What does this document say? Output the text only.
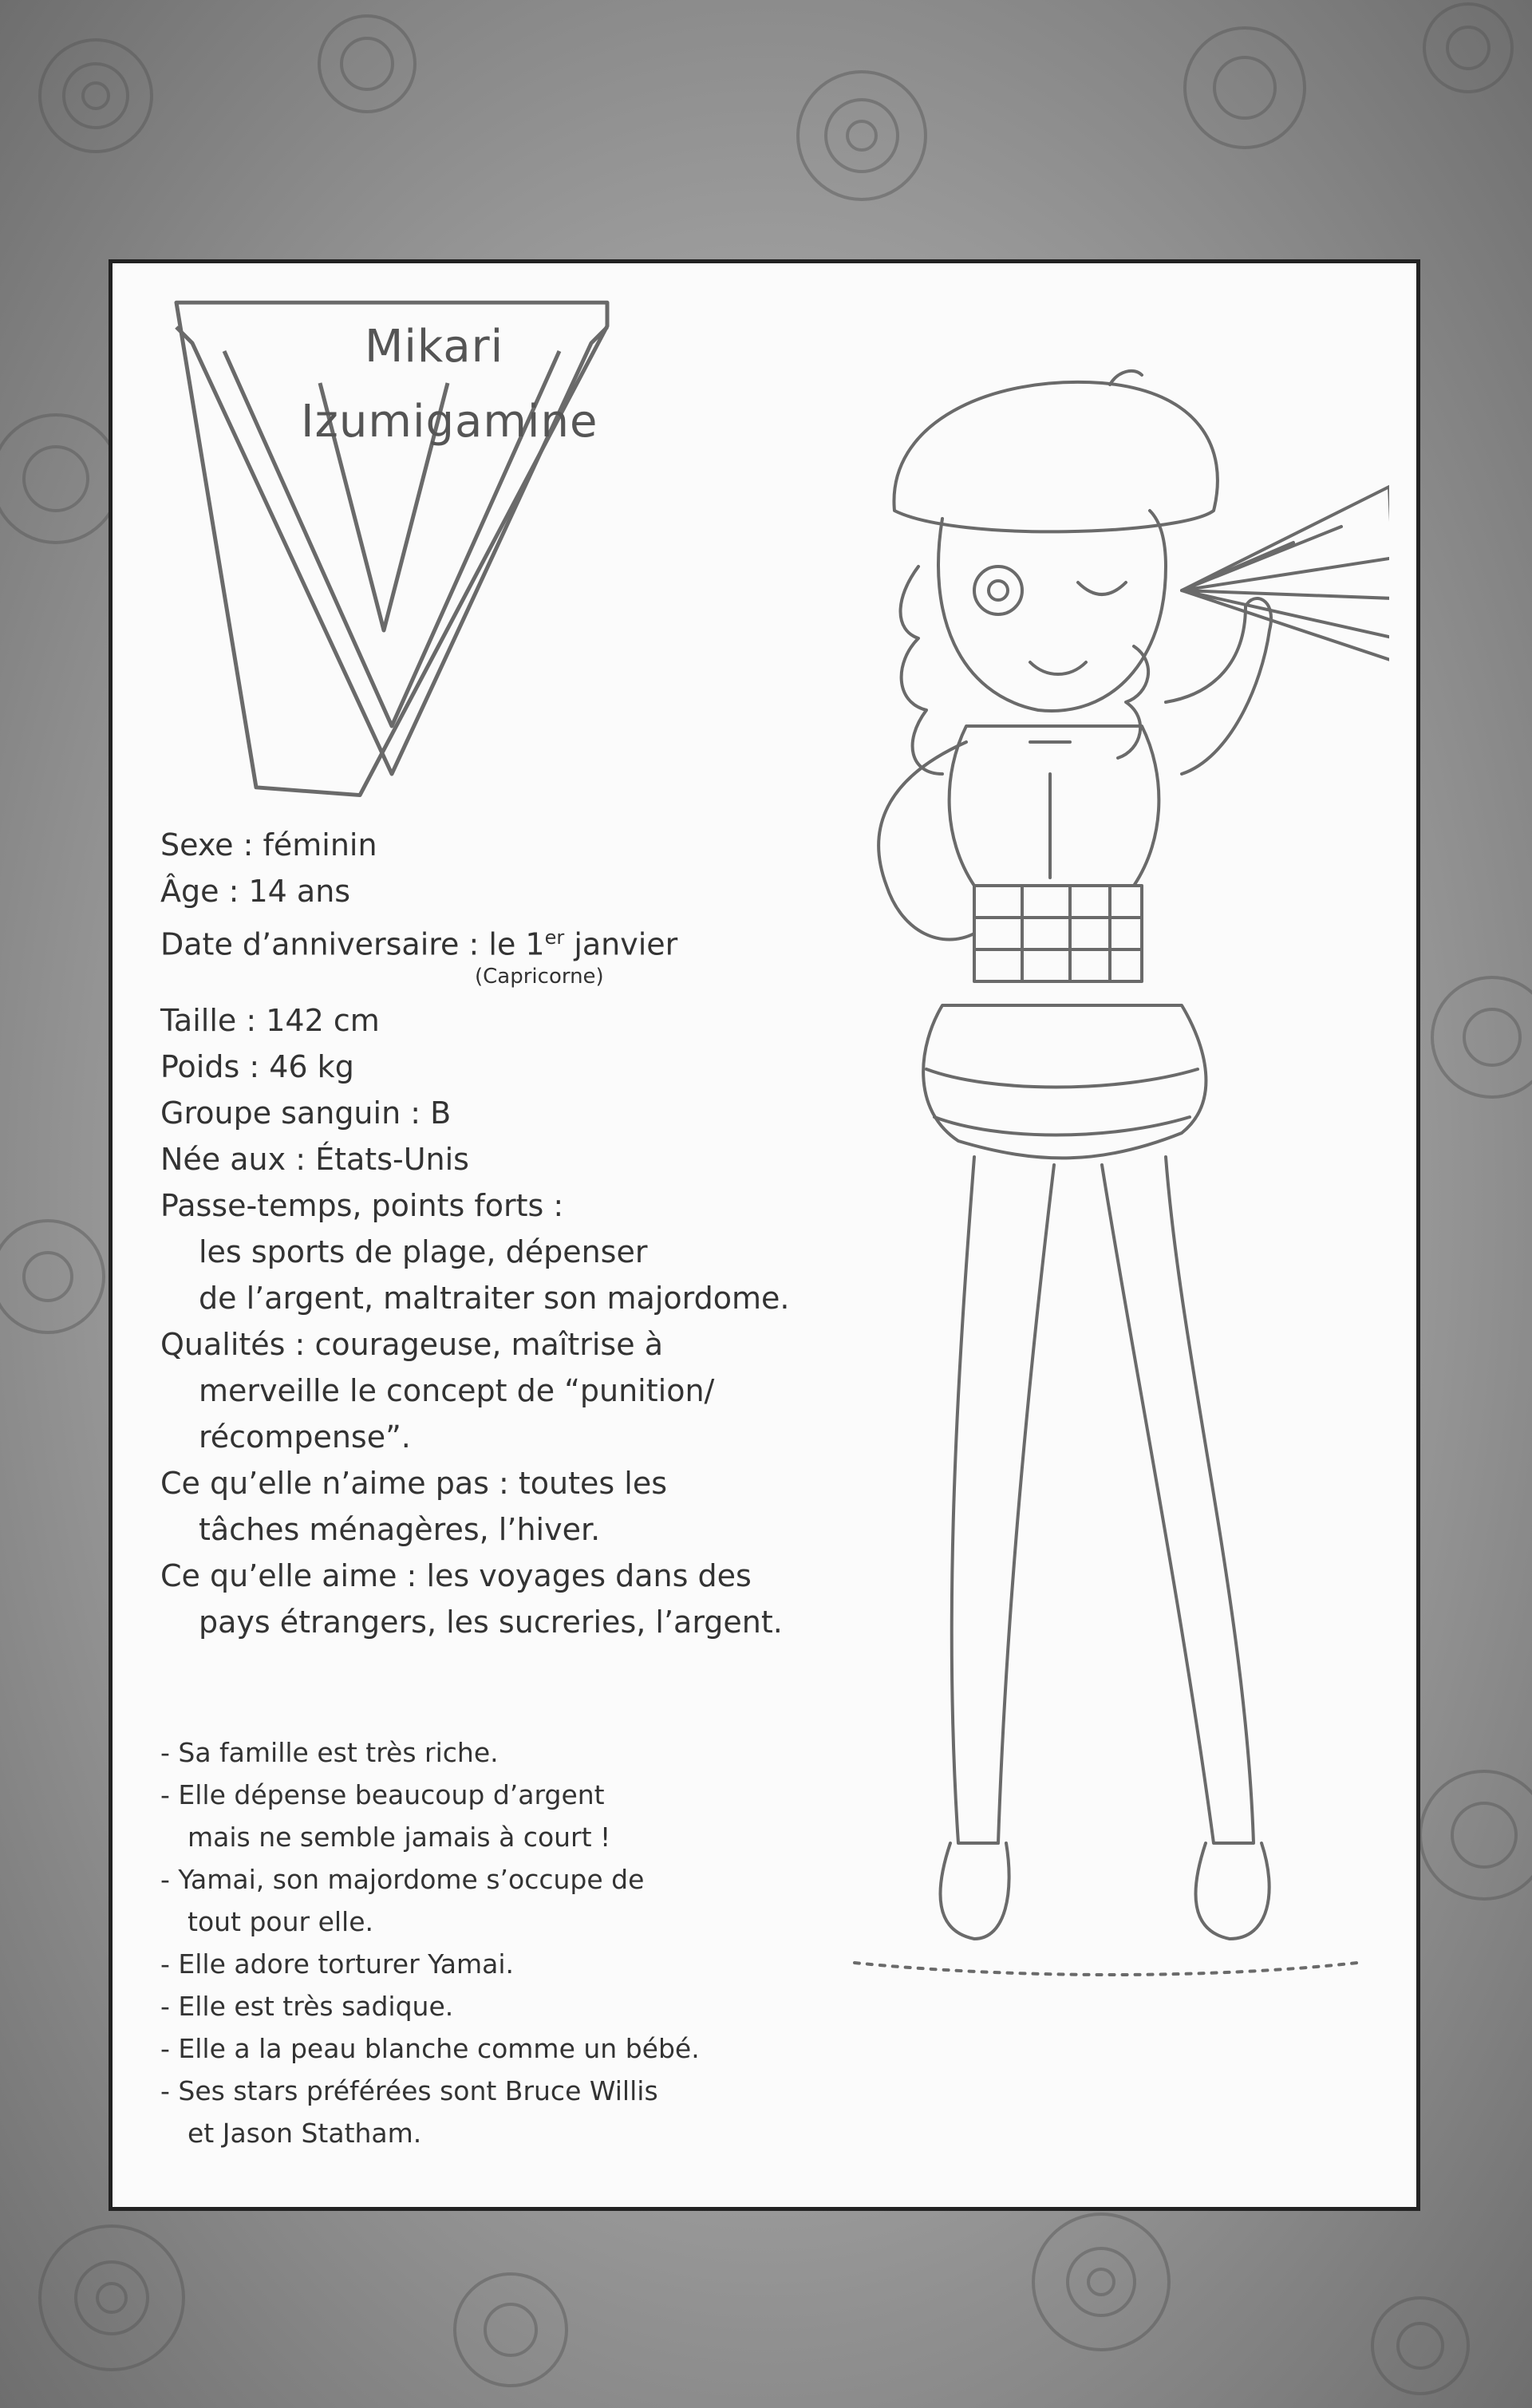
Mikari
Izumigamine
Sexe : féminin
Âge : 14 ans
Date d’anniversaire : le 1er janvier
(Capricorne)
Taille : 142 cm
Poids : 46 kg
Groupe sanguin : B
Née aux : États-Unis
Passe-temps, points forts :
les sports de plage, dépenser
de l’argent, maltraiter son majordome.
Qualités : courageuse, maîtrise à
merveille le concept de “punition/
récompense”.
Ce qu’elle n’aime pas : toutes les
tâches ménagères, l’hiver.
Ce qu’elle aime : les voyages dans des
pays étrangers, les sucreries, l’argent.
- Sa famille est très riche.
- Elle dépense beaucoup d’argent
mais ne semble jamais à court !
- Yamai, son majordome s’occupe de
tout pour elle.
- Elle adore torturer Yamai.
- Elle est très sadique.
- Elle a la peau blanche comme un bébé.
- Ses stars préférées sont Bruce Willis
et Jason Statham.
